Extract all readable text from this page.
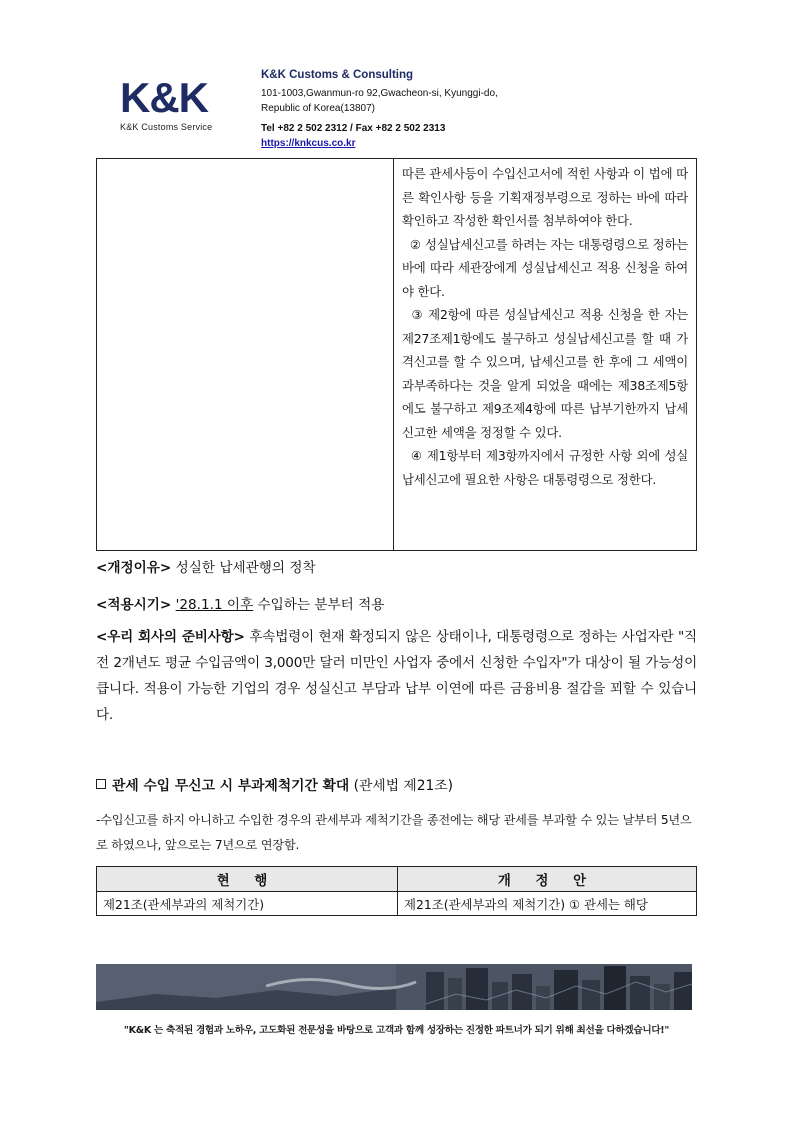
K&K
K&K Customs Service
K&K Customs & Consulting
101-1003,Gwanmun-ro 92,Gwacheon-si, Kyunggi-do,
Republic of Korea(13807)
Tel +82 2 502 2312 / Fax +82 2 502 2313
https://knkcus.co.kr

따른 관세사등이 수입신고서에 적힌 사항과 이 법에 따른 확인사항 등을 기획재정부령으로 정하는 바에 따라 확인하고 작성한 확인서를 첨부하여야 한다.

② 성실납세신고를 하려는 자는 대통령령으로 정하는 바에 따라 세관장에게 성실납세신고 적용 신청을 하여야 한다.

③ 제2항에 따른 성실납세신고 적용 신청을 한 자는 제27조제1항에도 불구하고 성실납세신고를 할 때 가격신고를 할 수 있으며, 납세신고를 한 후에 그 세액이 과부족하다는 것을 알게 되었을 때에는 제38조제5항에도 불구하고 제9조제4항에 따른 납부기한까지 납세신고한 세액을 정정할 수 있다.

④ 제1항부터 제3항까지에서 규정한 사항 외에 성실납세신고에 필요한 사항은 대통령령으로 정한다.

<개정이유> 성실한 납세관행의 정착
<적용시기> '28.1.1 이후 수입하는 분부터 적용
<우리 회사의 준비사항> 후속법령이 현재 확정되지 않은 상태이나, 대통령령으로 정하는 사업자란 "직전 2개년도 평균 수입금액이 3,000만 달러 미만인 사업자 중에서 신청한 수입자"가 대상이 될 가능성이 큽니다. 적용이 가능한 기업의 경우 성실신고 부담과 납부 이연에 따른 금융비용 절감을 꾀할 수 있습니다.
관세 수입 무신고 시 부과제척기간 확대 (관세법 제21조)
-수입신고를 하지 아니하고 수입한 경우의 관세부과 제척기간을 종전에는 해당 관세를 부과할 수 있는 날부터 5년으로 하였으나, 앞으로는 7년으로 연장함.
현 행	개 정 안
제21조(관세부과의 제척기간)	제21조(관세부과의 제척기간) ① 관세는 해당
"K&K 는 축적된 경험과 노하우, 고도화된 전문성을 바탕으로 고객과 함께 성장하는 진정한 파트너가 되기 위해 최선을 다하겠습니다!"
